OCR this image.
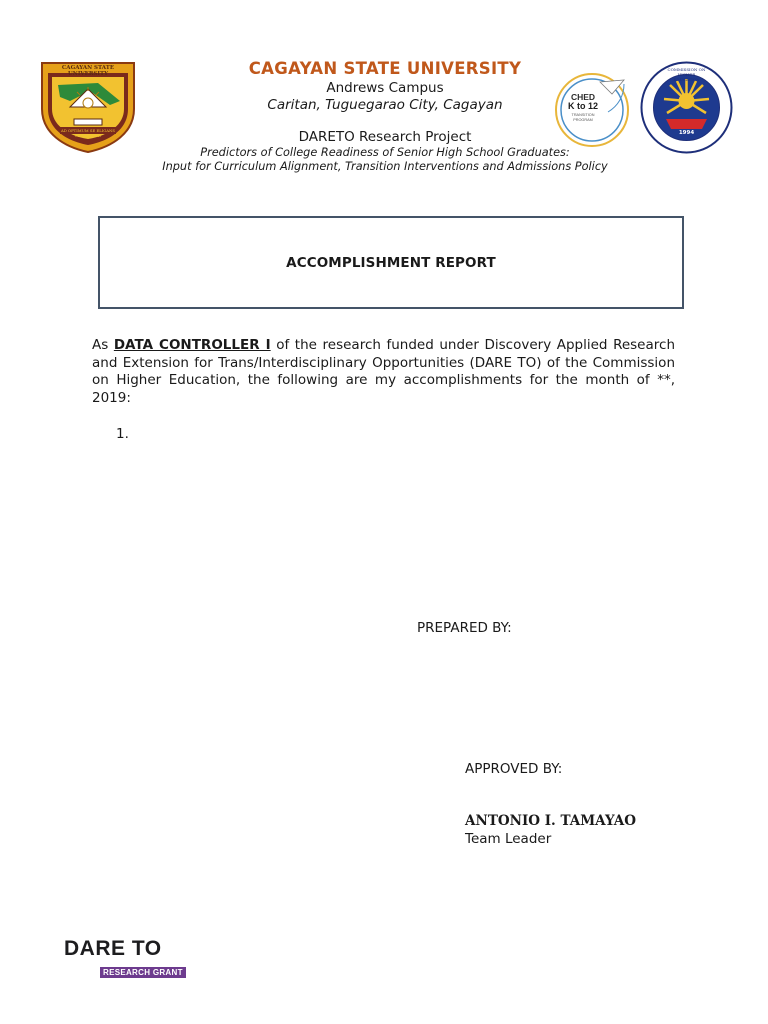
CAGAYAN STATE UNIVERSITY
AD OPTIMUM SE ELIGANS MCMLXXVIII
CAGAYAN STATE UNIVERSITY
Andrews Campus
Caritan, Tuguegarao City, Cagayan
DARETO Research Project
Predictors of College Readiness of Senior High School Graduates:
Input for Curriculum Alignment, Transition Interventions and Admissions Policy
CHED
K to 12
TRANSITION PROGRAM
COMMISSION ON HIGHER EDUCATION
1994
ACCOMPLISHMENT REPORT
As DATA CONTROLLER I of the research funded under Discovery Applied Research and Extension for Trans/Interdisciplinary Opportunities (DARE TO) of the Commission on Higher Education, the following are my accomplishments for the month of **, 2019:
1.
PREPARED BY:
APPROVED BY:
ANTONIO I. TAMAYAO
Team Leader
DARE TO
RESEARCH GRANT
